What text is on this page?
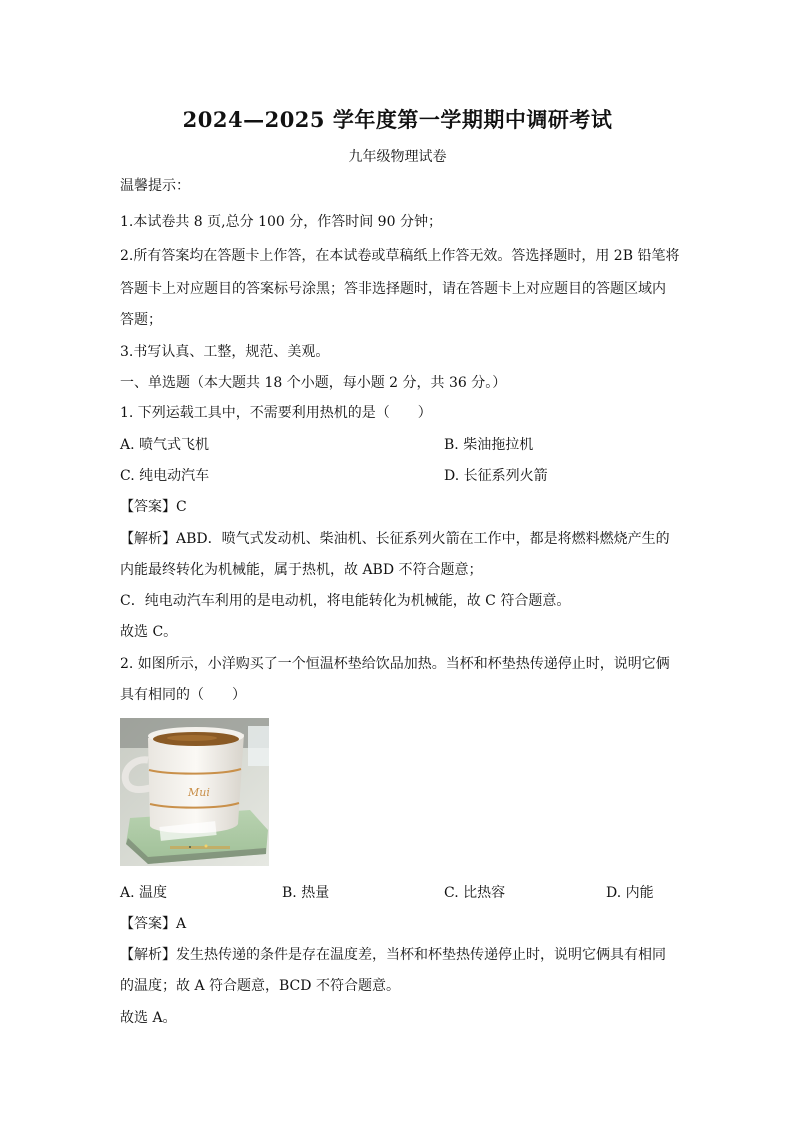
2024—2025 学年度第一学期期中调研考试
九年级物理试卷
温馨提示：
1.本试卷共 8 页,总分 100 分，作答时间 90 分钟；
2.所有答案均在答题卡上作答，在本试卷或草稿纸上作答无效。答选择题时，用 2B 铅笔将
答题卡上对应题目的答案标号涂黑；答非选择题时，请在答题卡上对应题目的答题区域内
答题；
3.书写认真、工整，规范、美观。
一、单选题（本大题共 18 个小题，每小题 2 分，共 36 分。）
1. 下列运载工具中，不需要利用热机的是（　　）
A. 喷气式飞机	B. 柴油拖拉机
C. 纯电动汽车	D. 长征系列火箭
【答案】C
【解析】ABD．喷气式发动机、柴油机、长征系列火箭在工作中，都是将燃料燃烧产生的
内能最终转化为机械能，属于热机，故 ABD 不符合题意；
C．纯电动汽车利用的是电动机，将电能转化为机械能，故 C 符合题意。
故选 C。
2. 如图所示，小洋购买了一个恒温杯垫给饮品加热。当杯和杯垫热传递停止时，说明它俩
具有相同的（　　）
Mui
A. 温度	B. 热量	C. 比热容	D. 内能
【答案】A
【解析】发生热传递的条件是存在温度差，当杯和杯垫热传递停止时，说明它俩具有相同
的温度；故 A 符合题意，BCD 不符合题意。
故选 A。
